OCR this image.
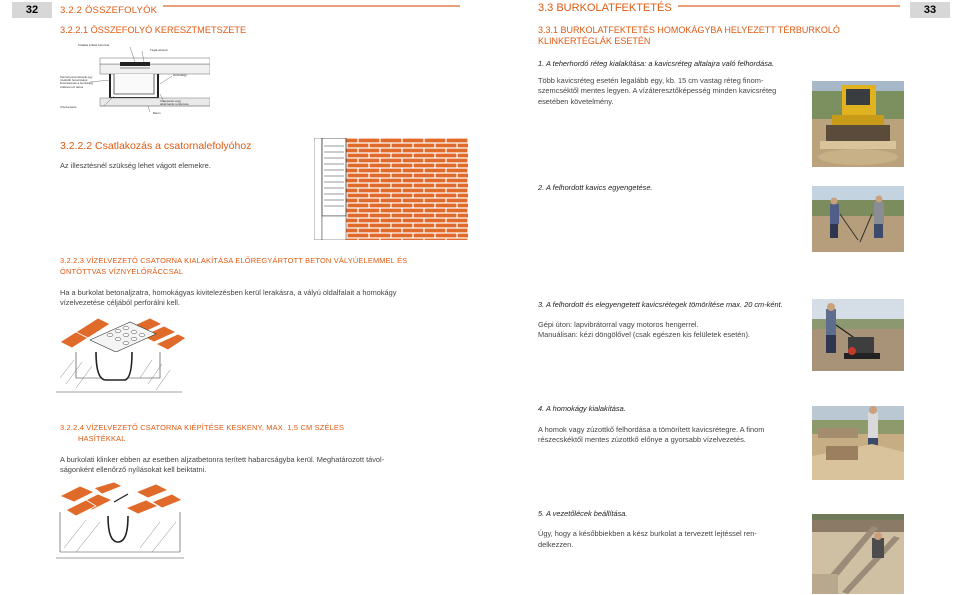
32	3.2.2 ÖSSZEFOLYÓK
3.2.2.1 ÖSSZEFOLYÓ KERESZTMETSZETE
Kiváltás szilárd betonnal
Tégla-alvonal
Kiemelt peremköveik egy rövidebb hosszúságú kivezetésnek a homokágy szélével ezt tartva
Homokágy
Csappantó vagy alkalmazás rendezése
Vízelvezetés
Beton
3.2.2.2 Csatlakozás a csatornalefolyóhoz
Az illesztésnél szükség lehet vágott elemekre.
3.2.2.3 VÍZELVEZETŐ CSATORNA KIALAKÍTÁSA ELŐREGYÁRTOTT BETON VÁLYÚELEMMEL ÉS ÖNTÖTTVAS VÍZNYELŐRÁCCSAL
Ha a burkolat betonaljzatra, homokágyas kivitelezésben kerül lerakásra, a vályú oldalfalait a homokágy
vízelvezetése céljából perforálni kell.
3.2.2.4 VÍZELVEZETŐ CSATORNA KIÉPÍTÉSE KESKENY, MAX. 1,5 CM SZÉLES
HASÍTÉKKAL
A burkolati klinker ebben az esetben aljzatbetonra terített habarcságyba kerül. Meghatározott távol-
ságonként ellenőrző nyílásokat kell beiktatni.
33
3.3 BURKOLATFEKTETÉS
3.3.1 BURKOLATFEKTETÉS HOMOKÁGYBA HELYEZETT TÉRBURKOLÓ
KLINKERTÉGLÁK ESETÉN
1. A teherhordó réteg kialakítása: a kavicsréteg altalajra való felhordása.
Több kavicsréteg esetén legalább egy, kb. 15 cm vastag réteg finom-
szemcséktől mentes legyen. A vízáteresztőképesség minden kavicsréteg
esetében követelmény.
2. A felhordott kavics egyengetése.
3. A felhordott és elegyengetett kavicsrétegek tömörítése max. 20 cm-ként.
Gépi úton: lapvibrátorral vagy motoros hengerrel.
Manuálisan: kézi döngölővel (csak egészen kis felületek esetén).
4. A homokágy kialakítása.
A homok vagy zúzottkő felhordása a tömörített kavicsrétegre. A finom
részecskéktől mentes zúzottkő előnye a gyorsabb vízelvezetés.
5. A vezetőlécek beállítása.
Úgy, hogy a későbbiekben a kész burkolat a tervezett lejtéssel ren-
delkezzen.
